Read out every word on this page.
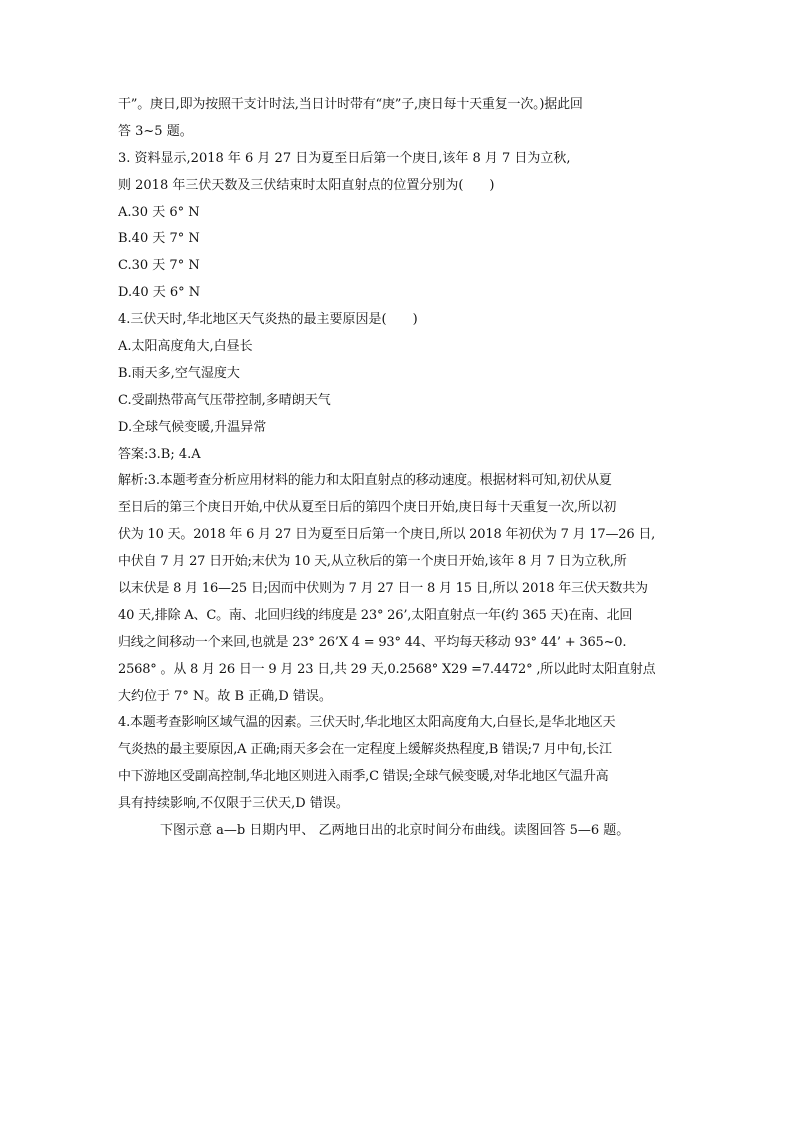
干”。庚日,即为按照干支计时法,当日计时带有“庚”子,庚日每十天重复一次。)据此回
答 3~5 题。
3. 资料显示,2018 年 6 月 27 日为夏至日后第一个庚日,该年 8 月 7 日为立秋,
则 2018 年三伏天数及三伏结束时太阳直射点的位置分别为(　　)
A.30 天 6° N
B.40 天 7° N
C.30 天 7° N
D.40 天 6° N
4.三伏天时,华北地区天气炎热的最主要原因是(　　)
A.太阳高度角大,白昼长
B.雨天多,空气湿度大
C.受副热带高气压带控制,多晴朗天气
D.全球气候变暖,升温异常
答案:3.B; 4.A
解析:3.本题考查分析应用材料的能力和太阳直射点的移动速度。根据材料可知,初伏从夏
至日后的第三个庚日开始,中伏从夏至日后的第四个庚日开始,庚日每十天重复一次,所以初
伏为 10 天。2018 年 6 月 27 日为夏至日后第一个庚日,所以 2018 年初伏为 7 月 17—26 日,
中伏自 7 月 27 日开始;末伏为 10 天,从立秋后的第一个庚日开始,该年 8 月 7 日为立秋,所
以末伏是 8 月 16—25 日;因而中伏则为 7 月 27 日一 8 月 15 日,所以 2018 年三伏天数共为
40 天,排除 A、C。南、北回归线的纬度是 23° 26’,太阳直射点一年(约 365 天)在南、北回
归线之间移动一个来回,也就是 23° 26’X 4 = 93° 44、平均每天移动 93° 44’ + 365~0.
2568° 。从 8 月 26 日一 9 月 23 日,共 29 天,0.2568° X29 =7.4472° ,所以此时太阳直射点
大约位于 7° N。故 B 正确,D 错误。
4.本题考查影响区域气温的因素。三伏天时,华北地区太阳高度角大,白昼长,是华北地区天
气炎热的最主要原因,A 正确;雨天多会在一定程度上缓解炎热程度,B 错误;7 月中旬,长江
中下游地区受副高控制,华北地区则进入雨季,C 错误;全球气候变暖,对华北地区气温升高
具有持续影响,不仅限于三伏天,D 错误。
下图示意 a—b 日期内甲、 乙两地日出的北京时间分布曲线。读图回答 5—6 题。
